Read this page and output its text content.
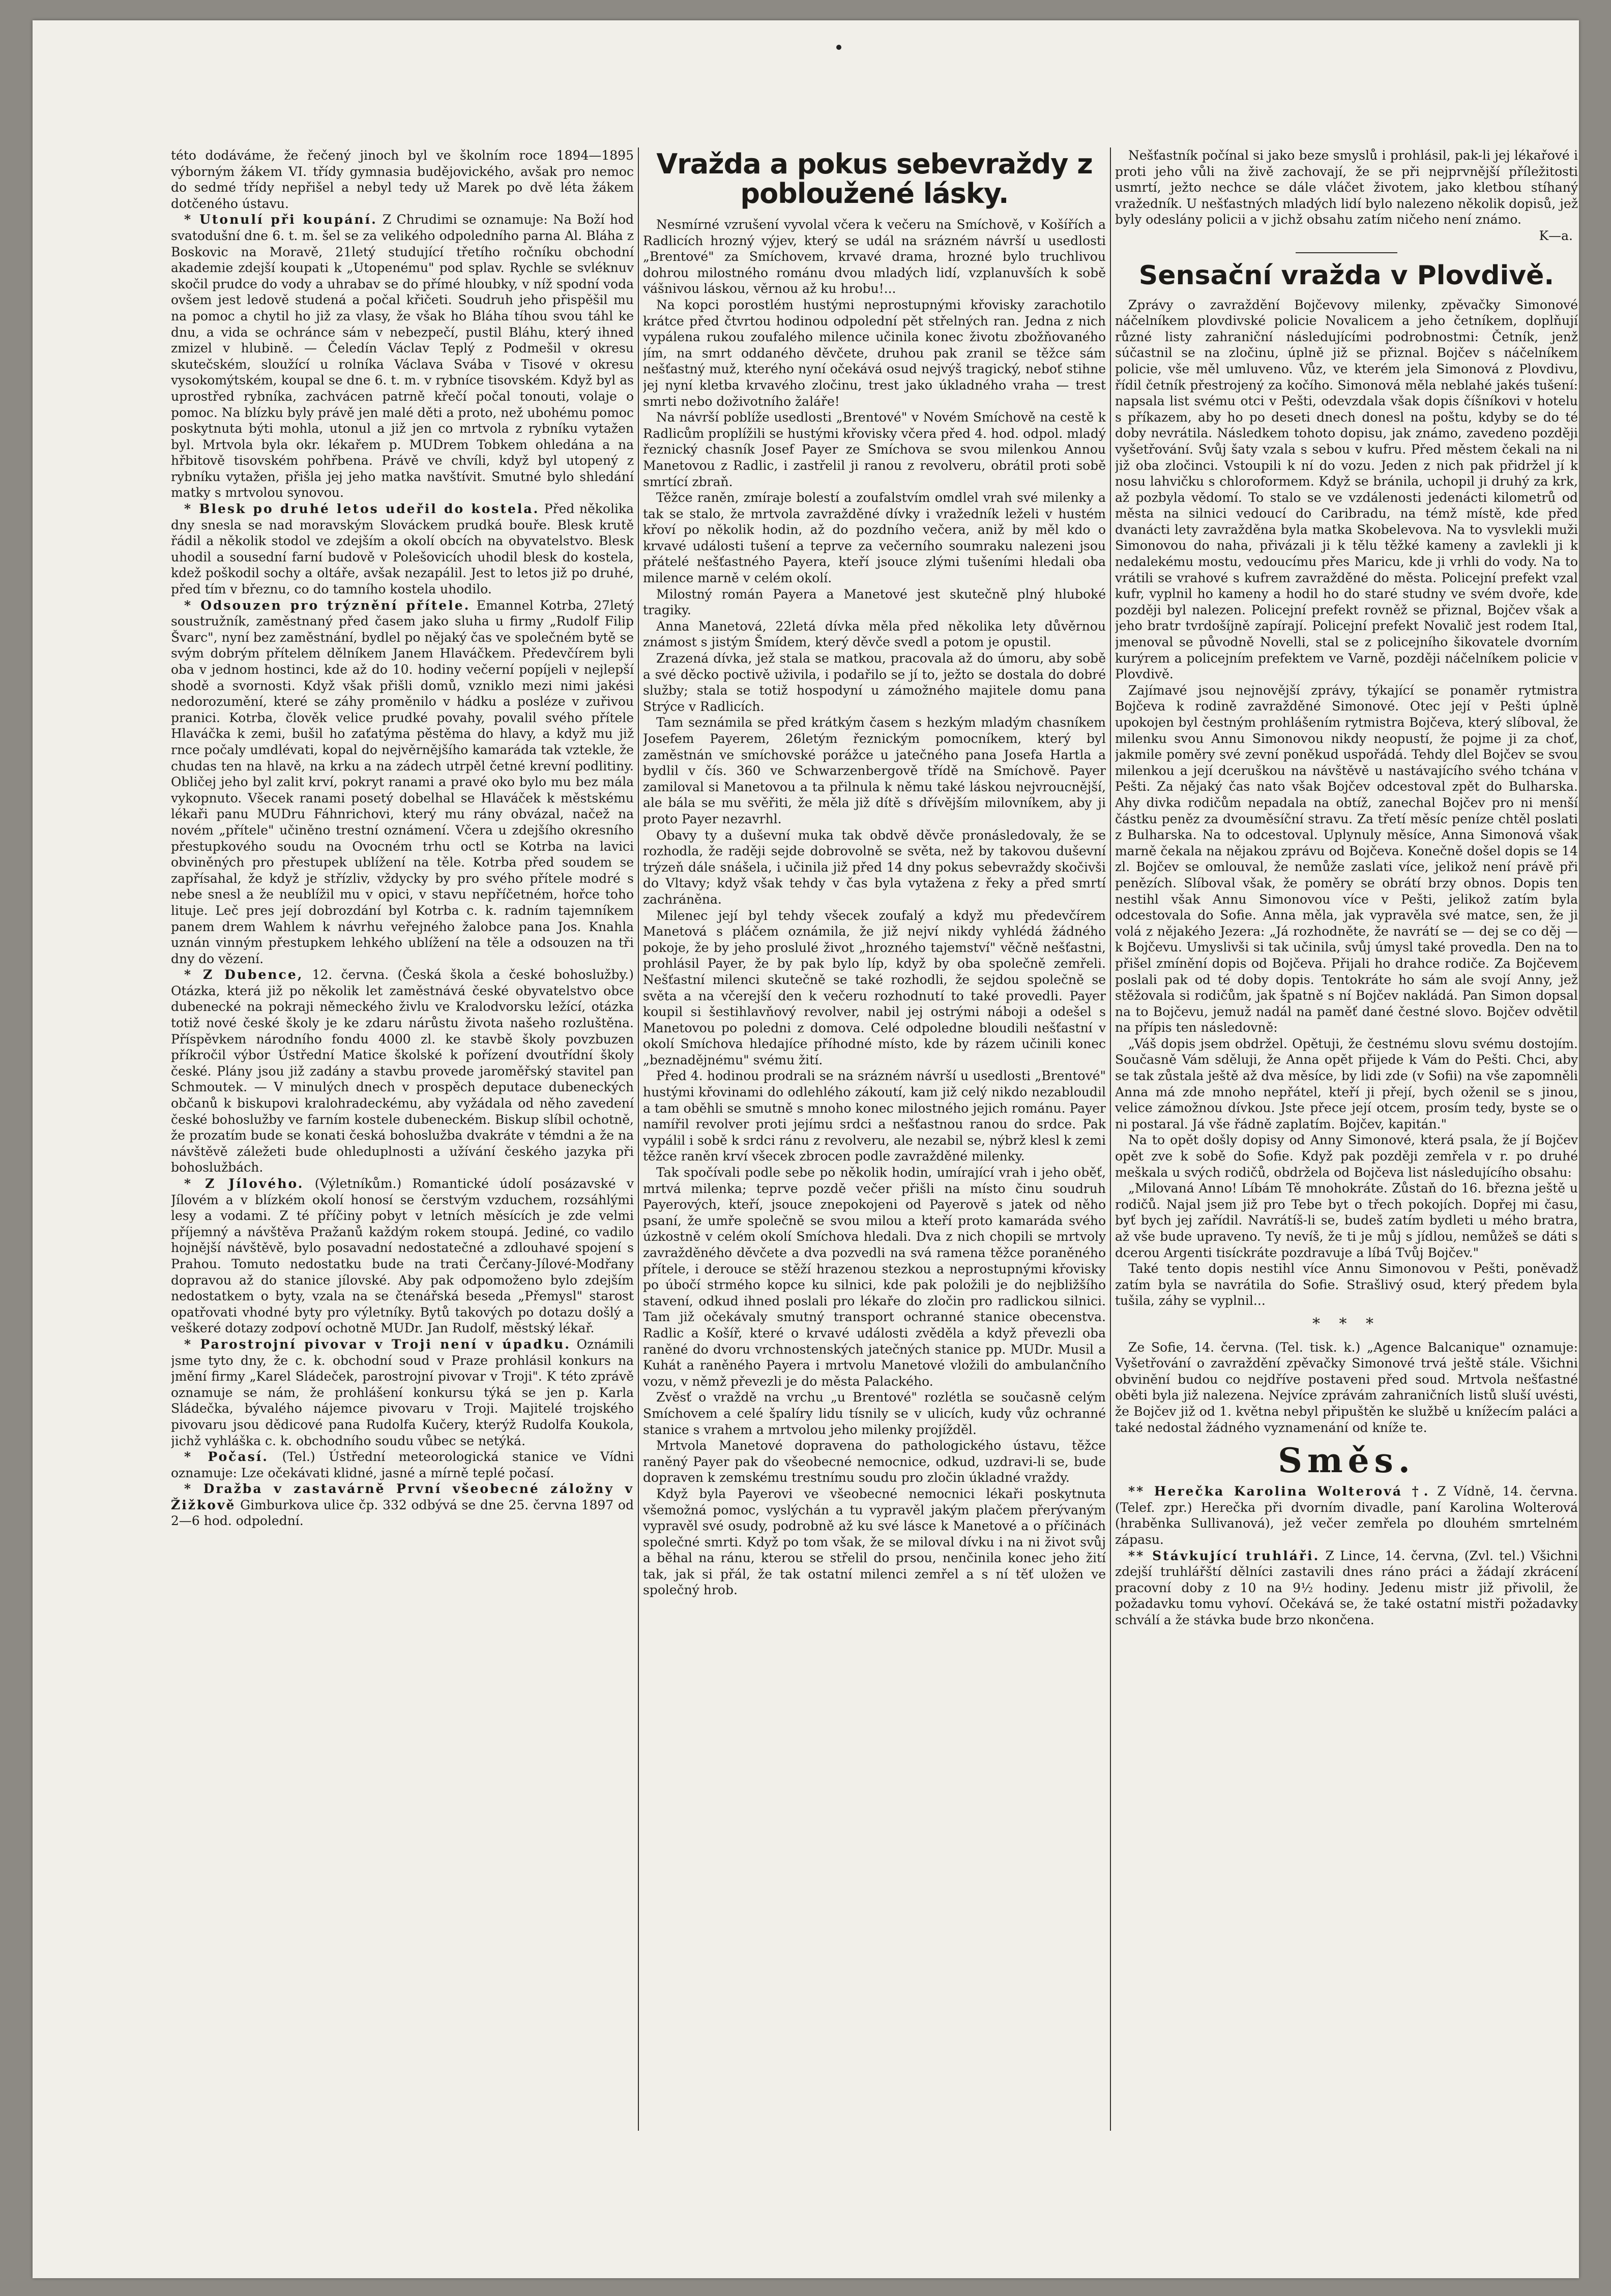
této dodáváme, že řečený jinoch byl ve školním roce 1894—1895 výborným žákem VI. třídy gymnasia budějovického, avšak pro nemoc do sedmé třídy nepřišel a nebyl tedy už Marek po dvě léta žákem dotčeného ústavu.

* Utonulí při koupání. Z Chrudimi se oznamuje: Na Boží hod svatodušní dne 6. t. m. šel se za velikého odpoledního parna Al. Bláha z Boskovic na Moravě, 21letý studující třetího ročníku obchodní akademie zdejší koupati k „Utopenému" pod splav. Rychle se svléknuv skočil prudce do vody a uhrabav se do přímé hloubky, v níž spodní voda ovšem jest ledově studená a počal křičeti. Soudruh jeho přispěšil mu na pomoc a chytil ho již za vlasy, že však ho Bláha tíhou svou táhl ke dnu, a vida se ochránce sám v nebezpečí, pustil Bláhu, který ihned zmizel v hlubině. — Čeledín Václav Teplý z Podmešil v okresu skutečském, sloužící u rolníka Václava Svába v Tisové v okresu vysokomýtském, koupal se dne 6. t. m. v rybníce tisovském. Když byl as uprostřed rybníka, zachvácen patrně křečí počal tonouti, volaje o pomoc. Na blízku byly právě jen malé děti a proto, než ubohému pomoc poskytnuta býti mohla, utonul a již jen co mrtvola z rybníku vytažen byl. Mrtvola byla okr. lékařem p. MUDrem Tobkem ohledána a na hřbitově tisovském pohřbena. Právě ve chvíli, když byl utopený z rybníku vytažen, přišla jej jeho matka navštívit. Smutné bylo shledání matky s mrtvolou synovou.

* Blesk po druhé letos udeřil do kostela. Před několika dny snesla se nad moravským Slováckem prudká bouře. Blesk krutě řádil a několik stodol ve zdejším a okolí obcích na obyvatelstvo. Blesk uhodil a sousední farní budově v Polešovicích uhodil blesk do kostela, kdež poškodil sochy a oltáře, avšak nezapálil. Jest to letos již po druhé, před tím v březnu, co do tamního kostela uhodilo.

* Odsouzen pro trýznění přítele. Emannel Kotrba, 27letý soustružník, zaměstnaný před časem jako sluha u firmy „Rudolf Filip Švarc", nyní bez zaměstnání, bydlel po nějaký čas ve společném bytě se svým dobrým přítelem dělníkem Janem Hlaváčkem. Předevčírem byli oba v jednom hostinci, kde až do 10. hodiny večerní popíjeli v nejlepší shodě a svornosti. Když však přišli domů, vzniklo mezi nimi jakési nedorozumění, které se záhy proměnilo v hádku a posléze v zuřivou pranici. Kotrba, člověk velice prudké povahy, povalil svého přítele Hlaváčka k zemi, bušil ho zaťatýma pěstěma do hlavy, a když mu již rnce počaly umdlévati, kopal do nejvěrnějšího kamaráda tak vztekle, že chudas ten na hlavě, na krku a na zádech utrpěl četné krevní podlitiny. Obličej jeho byl zalit krví, pokryt ranami a pravé oko bylo mu bez mála vykopnuto. Všecek ranami posetý dobelhal se Hlaváček k městskému lékaři panu MUDru Fáhnrichovi, který mu rány obvázal, načež na novém „přítele" učiněno trestní oznámení. Včera u zdejšího okresního přestupkového soudu na Ovocném trhu octl se Kotrba na lavici obviněných pro přestupek ublížení na těle. Kotrba před soudem se zapřísahal, že když je střízliv, vždycky by pro svého přítele modré s nebe snesl a že neublížil mu v opici, v stavu nepříčetném, hořce toho lituje. Leč pres její dobrozdání byl Kotrba c. k. radním tajemníkem panem drem Wahlem k návrhu veřejného žalobce pana Jos. Knahla uznán vinným přestupkem lehkého ublížení na těle a odsouzen na tři dny do vězení.

* Z Dubence, 12. června. (Česká škola a české bohoslužby.) Otázka, která již po několik let zaměstnává české obyvatelstvo obce dubenecké na pokraji německého živlu ve Kralodvorsku ležící, otázka totiž nové české školy je ke zdaru nárůstu života našeho rozluštěna. Příspěvkem národního fondu 4000 zl. ke stavbě školy povzbuzen příkročil výbor Ústřední Matice školské k pořízení dvoutřídní školy české. Plány jsou již zadány a stavbu provede jaroměřský stavitel pan Schmoutek. — V minulých dnech v prospěch deputace dubeneckých občanů k biskupovi kralohradeckému, aby vyžádala od něho zavedení české bohoslužby ve farním kostele dubeneckém. Biskup slíbil ochotně, že prozatím bude se konati česká bohoslužba dvakráte v témdni a že na návštěvě záležeti bude ohleduplnosti a užívání českého jazyka při bohoslužbách.

* Z Jílového. (Výletníkům.) Romantické údolí posázavské v Jílovém a v blízkém okolí honosí se čerstvým vzduchem, rozsáhlými lesy a vodami. Z té příčiny pobyt v letních měsících je zde velmi příjemný a návštěva Pražanů každým rokem stoupá. Jediné, co vadilo hojnější návštěvě, bylo posavadní nedostatečné a zdlouhavé spojení s Prahou. Tomuto nedostatku bude na trati Čerčany-Jílové-Modřany dopravou až do stanice jílovské. Aby pak odpomoženo bylo zdejším nedostatkem o byty, vzala na se čtenářská beseda „Přemysl" starost opatřovati vhodné byty pro výletníky. Bytů takových po dotazu došlý a veškeré dotazy zodpoví ochotně MUDr. Jan Rudolf, městský lékař.

* Parostrojní pivovar v Troji není v úpadku. Oznámili jsme tyto dny, že c. k. obchodní soud v Praze prohlásil konkurs na jmění firmy „Karel Sládeček, parostrojní pivovar v Troji". K této zprávě oznamuje se nám, že prohlášení konkursu týká se jen p. Karla Sládečka, bývalého nájemce pivovaru v Troji. Majitelé trojského pivovaru jsou dědicové pana Rudolfa Kučery, kterýž Rudolfa Koukola, jichž vyhláška c. k. obchodního soudu vůbec se netýká.

* Počasí. (Tel.) Ústřední meteorologická stanice ve Vídni oznamuje: Lze očekávati klidné, jasné a mírně teplé počasí.

* Dražba v zastavárně První všeobecné záložny v Žižkově Gimburkova ulice čp. 332 odbývá se dne 25. června 1897 od 2—6 hod. odpolední.

Vražda a pokus sebevraždy z pobloužené lásky.

Nesmírné vzrušení vyvolal včera k večeru na Smíchově, v Košířích a Radlicích hrozný výjev, který se udál na srázném návrší u usedlosti „Brentové" za Smíchovem, krvavé drama, hrozné bylo truchlivou dohrou milostného románu dvou mladých lidí, vzplanuvších k sobě vášnivou láskou, věrnou až ku hrobu!...

Na kopci porostlém hustými neprostupnými křovisky zarachotilo krátce před čtvrtou hodinou odpolední pět střelných ran. Jedna z nich vypálena rukou zoufalého milence učinila konec životu zbožňovaného jím, na smrt oddaného děvčete, druhou pak zranil se těžce sám nešťastný muž, kterého nyní očekává osud nejvýš tragický, neboť stihne jej nyní kletba krvavého zločinu, trest jako úkladného vraha — trest smrti nebo doživotního žaláře!

Na návrší poblíže usedlosti „Brentové" v Novém Smíchově na cestě k Radlicům proplížili se hustými křovisky včera před 4. hod. odpol. mladý řeznický chasník Josef Payer ze Smíchova se svou milenkou Annou Manetovou z Radlic, i zastřelil ji ranou z revolveru, obrátil proti sobě smrtící zbraň.

Těžce raněn, zmíraje bolestí a zoufalstvím omdlel vrah své milenky a tak se stalo, že mrtvola zavražděné dívky i vražedník leželi v hustém křoví po několik hodin, až do pozdního večera, aniž by měl kdo o krvavé události tušení a teprve za večerního soumraku nalezeni jsou přátelé nešťastného Payera, kteří jsouce zlými tušeními hledali oba milence marně v celém okolí.

Milostný román Payera a Manetové jest skutečně plný hluboké tragiky.

Anna Manetová, 22letá dívka měla před několika lety důvěrnou známost s jistým Šmídem, který děvče svedl a potom je opustil.

Zrazená dívka, jež stala se matkou, pracovala až do úmoru, aby sobě a své děcko poctivě uživila, i podařilo se jí to, ježto se dostala do dobré služby; stala se totiž hospodyní u zámožného majitele domu pana Strýce v Radlicích.

Tam seznámila se před krátkým časem s hezkým mladým chasníkem Josefem Payerem, 26letým řeznickým pomocníkem, který byl zaměstnán ve smíchovské porážce u jatečného pana Josefa Hartla a bydlil v čís. 360 ve Schwarzenbergově třídě na Smíchově. Payer zamiloval si Manetovou a ta přilnula k němu také láskou nejvroucnější, ale bála se mu svěřiti, že měla již dítě s dřívějším milovníkem, aby ji proto Payer nezavrhl.

Obavy ty a duševní muka tak obdvě děvče pronásledovaly, že se rozhodla, že raději sejde dobrovolně se světa, než by takovou duševní trýzeň dále snášela, i učinila již před 14 dny pokus sebevraždy skočivši do Vltavy; když však tehdy v čas byla vytažena z řeky a před smrtí zachráněna.

Milenec její byl tehdy všecek zoufalý a když mu předevčírem Manetová s pláčem oznámila, že již nejví nikdy vyhlédá žádného pokoje, že by jeho proslulé život „hrozného tajemství" věčně nešťastni, prohlásil Payer, že by pak bylo líp, když by oba společně zemřeli. Nešťastní milenci skutečně se také rozhodli, že sejdou společně se světa a na včerejší den k večeru rozhodnutí to také provedli. Payer koupil si šestihlavňový revolver, nabil jej ostrými náboji a odešel s Manetovou po poledni z domova. Celé odpoledne bloudili nešťastní v okolí Smíchova hledajíce příhodné místo, kde by rázem učinili konec „beznadějnému" svému žití.

Před 4. hodinou prodrali se na srázném návrší u usedlosti „Brentové" hustými křovinami do odlehlého zákoutí, kam již celý nikdo nezabloudil a tam oběhli se smutně s mnoho konec milostného jejich románu. Payer namířil revolver proti jejímu srdci a nešťastnou ranou do srdce. Pak vypálil i sobě k srdci ránu z revolveru, ale nezabil se, nýbrž klesl k zemi těžce raněn krví všecek zbrocen podle zavražděné milenky.

Tak spočívali podle sebe po několik hodin, umírající vrah i jeho oběť, mrtvá milenka; teprve pozdě večer přišli na místo činu soudruh Payerových, kteří, jsouce znepokojeni od Payerově s jatek od něho psaní, že umře společně se svou milou a kteří proto kamaráda svého úzkostně v celém okolí Smíchova hledali. Dva z nich chopili se mrtvoly zavražděného děvčete a dva pozvedli na svá ramena těžce poraněného přítele, i derouce se stěží hrazenou stezkou a neprostupnými křovisky po úbočí strmého kopce ku silnici, kde pak položili je do nejbližšího stavení, odkud ihned poslali pro lékaře do zločin pro radlickou silnici. Tam již očekávaly smutný transport ochranné stanice obecenstva. Radlic a Košíř, které o krvavé události zvěděla a když převezli oba raněné do dvoru vrchnostenských jatečných stanice pp. MUDr. Musil a Kuhát a raněného Payera i mrtvolu Manetové vložili do ambulančního vozu, v němž převezli je do města Palackého.

Zvěsť o vraždě na vrchu „u Brentové" rozlétla se současně celým Smíchovem a celé špalíry lidu tísnily se v ulicích, kudy vůz ochranné stanice s vrahem a mrtvolou jeho milenky projížděl.

Mrtvola Manetové dopravena do pathologického ústavu, těžce raněný Payer pak do všeobecné nemocnice, odkud, uzdravi-li se, bude dopraven k zemskému trestnímu soudu pro zločin úkladné vraždy.

Když byla Payerovi ve všeobecné nemocnici lékaři poskytnuta všemožná pomoc, vyslýchán a tu vypravěl jakým plačem přerývaným vypravěl své osudy, podrobně až ku své lásce k Manetové a o příčinách společné smrti. Když po tom však, že se miloval dívku i na ni život svůj a běhal na ránu, kterou se střelil do prsou, nenčinila konec jeho žití tak, jak si přál, že tak ostatní milenci zemřel a s ní těť uložen ve společný hrob.

Nešťastník počínal si jako beze smyslů i prohlásil, pak-li jej lékařové i proti jeho vůli na živě zachovají, že se při nejprvnější příležitosti usmrtí, ježto nechce se dále vláčet životem, jako kletbou stíhaný vražedník. U nešťastných mladých lidí bylo nalezeno několik dopisů, jež byly odeslány policii a v jichž obsahu zatím ničeho není známo.

K—a.
Sensační vražda v Plovdivě.

Zprávy o zavraždění Bojčevovy milenky, zpěvačky Simonové náčelníkem plovdivské policie Novalicem a jeho četníkem, doplňují různé listy zahraniční následujícími podrobnostmi: Četník, jenž súčastnil se na zločinu, úplně již se přiznal. Bojčev s náčelníkem policie, vše měl umluveno. Vůz, ve kterém jela Simonová z Plovdivu, řídil četník přestrojený za kočího. Simonová měla neblahé jakés tušení: napsala list svému otci v Pešti, odevzdala však dopis číšníkovi v hotelu s příkazem, aby ho po deseti dnech donesl na poštu, kdyby se do té doby nevrátila. Následkem tohoto dopisu, jak známo, zavedeno později vyšetřování. Svůj šaty vzala s sebou v kufru. Před městem čekali na ni již oba zločinci. Vstoupili k ní do vozu. Jeden z nich pak přidržel jí k nosu lahvičku s chloroformem. Když se bránila, uchopil ji druhý za krk, až pozbyla vědomí. To stalo se ve vzdálenosti jedenácti kilometrů od města na silnici vedoucí do Caribradu, na témž místě, kde před dvanácti lety zavražděna byla matka Skobelevova. Na to vysvlekli muži Simonovou do naha, přivázali ji k tělu těžké kameny a zavlekli ji k nedalekému mostu, vedoucímu přes Maricu, kde ji vrhli do vody. Na to vrátili se vrahové s kufrem zavražděné do města. Policejní prefekt vzal kufr, vyplnil ho kameny a hodil ho do staré studny ve svém dvoře, kde později byl nalezen. Policejní prefekt rovněž se přiznal, Bojčev však a jeho bratr tvrdošíjně zapírají. Policejní prefekt Novalič jest rodem Ital, jmenoval se původně Novelli, stal se z policejního šikovatele dvorním kurýrem a policejním prefektem ve Varně, později náčelníkem policie v Plovdivě.

Zajímavé jsou nejnovější zprávy, týkající se ponaměr rytmistra Bojčeva k rodině zavražděné Simonové. Otec její v Pešti úplně upokojen byl čestným prohlášením rytmistra Bojčeva, který slíboval, že milenku svou Annu Simonovou nikdy neopustí, že pojme ji za choť, jakmile poměry své zevní poněkud uspořádá. Tehdy dlel Bojčev se svou milenkou a její dceruškou na návštěvě u nastávajícího svého tchána v Pešti. Za nějaký čas nato však Bojčev odcestoval zpět do Bulharska. Ahy divka rodičům nepadala na obtíž, zanechal Bojčev pro ni menší částku peněz za dvouměsíční stravu. Za třetí měsíc peníze chtěl poslati z Bulharska. Na to odcestoval. Uplynuly měsíce, Anna Simonová však marně čekala na nějakou zprávu od Bojčeva. Konečně došel dopis se 14 zl. Bojčev se omlouval, že nemůže zaslati více, jelikož není právě při penězích. Slíboval však, že poměry se obrátí brzy obnos. Dopis ten nestihl však Annu Simonovou více v Pešti, jelikož zatím byla odcestovala do Sofie. Anna měla, jak vypravěla své matce, sen, že ji volá z nějakého Jezera: „Já rozhodněte, že navrátí se — dej se co děj — k Bojčevu. Umyslivši si tak učinila, svůj úmysl také provedla. Den na to přišel zmínění dopis od Bojčeva. Přijali ho drahce rodiče. Za Bojčevem poslali pak od té doby dopis. Tentokráte ho sám ale svojí Anny, jež stěžovala si rodičům, jak špatně s ní Bojčev nakládá. Pan Simon dopsal na to Bojčevu, jemuž nadál na paměť dané čestné slovo. Bojčev odvětil na přípis ten následovně:

„Váš dopis jsem obdržel. Opětuji, že čestnému slovu svému dostojím. Současně Vám sděluji, že Anna opět přijede k Vám do Pešti. Chci, aby se tak zůstala ještě až dva měsíce, by lidi zde (v Sofii) na vše zapomněli Anna má zde mnoho nepřátel, kteří ji přejí, bych oženil se s jinou, velice zámožnou dívkou. Jste přece její otcem, prosím tedy, byste se o ni postaral. Já vše řádně zaplatím. Bojčev, kapitán."

Na to opět došly dopisy od Anny Simonové, která psala, že jí Bojčev opět zve k sobě do Sofie. Když pak později zemřela v r. po druhé meškala u svých rodičů, obdržela od Bojčeva list následujícího obsahu:

„Milovaná Anno! Líbám Tě mnohokráte. Zůstaň do 16. března ještě u rodičů. Najal jsem již pro Tebe byt o třech pokojích. Dopřej mi času, byť bych jej zařídil. Navrátíš-li se, budeš zatím bydleti u mého bratra, až vše bude upraveno. Ty nevíš, že ti je můj s jídlou, nemůžeš se dáti s dcerou Argenti tisíckráte pozdravuje a líbá Tvůj Bojčev."

Také tento dopis nestihl více Annu Simonovou v Pešti, poněvadž zatím byla se navrátila do Sofie. Strašlivý osud, který předem byla tušila, záhy se vyplnil...

* * *

Ze Sofie, 14. června. (Tel. tisk. k.) „Agence Balcanique" oznamuje: Vyšetřování o zavraždění zpěvačky Simonové trvá ještě stále. Všichni obvinění budou co nejdříve postaveni před soud. Mrtvola nešťastné oběti byla již nalezena. Nejvíce zprávám zahraničních listů sluší uvésti, že Bojčev již od 1. května nebyl připuštěn ke službě u knížecím paláci a také nedostal žádného vyznamenání od kníže te.

Směs.

** Herečka Karolina Wolterová †. Z Vídně, 14. června. (Telef. zpr.) Herečka při dvorním divadle, paní Karolina Wolterová (hraběnka Sullivanová), jež večer zemřela po dlouhém smrtelném zápasu.

** Stávkující truhláři. Z Lince, 14. června, (Zvl. tel.) Všichni zdejší truhlářští dělníci zastavili dnes ráno práci a žádají zkrácení pracovní doby z 10 na 9½ hodiny. Jedenu mistr již přivolil, že požadavku tomu vyhoví. Očekává se, že také ostatní mistři požadavky schválí a že stávka bude brzo nkončena.
